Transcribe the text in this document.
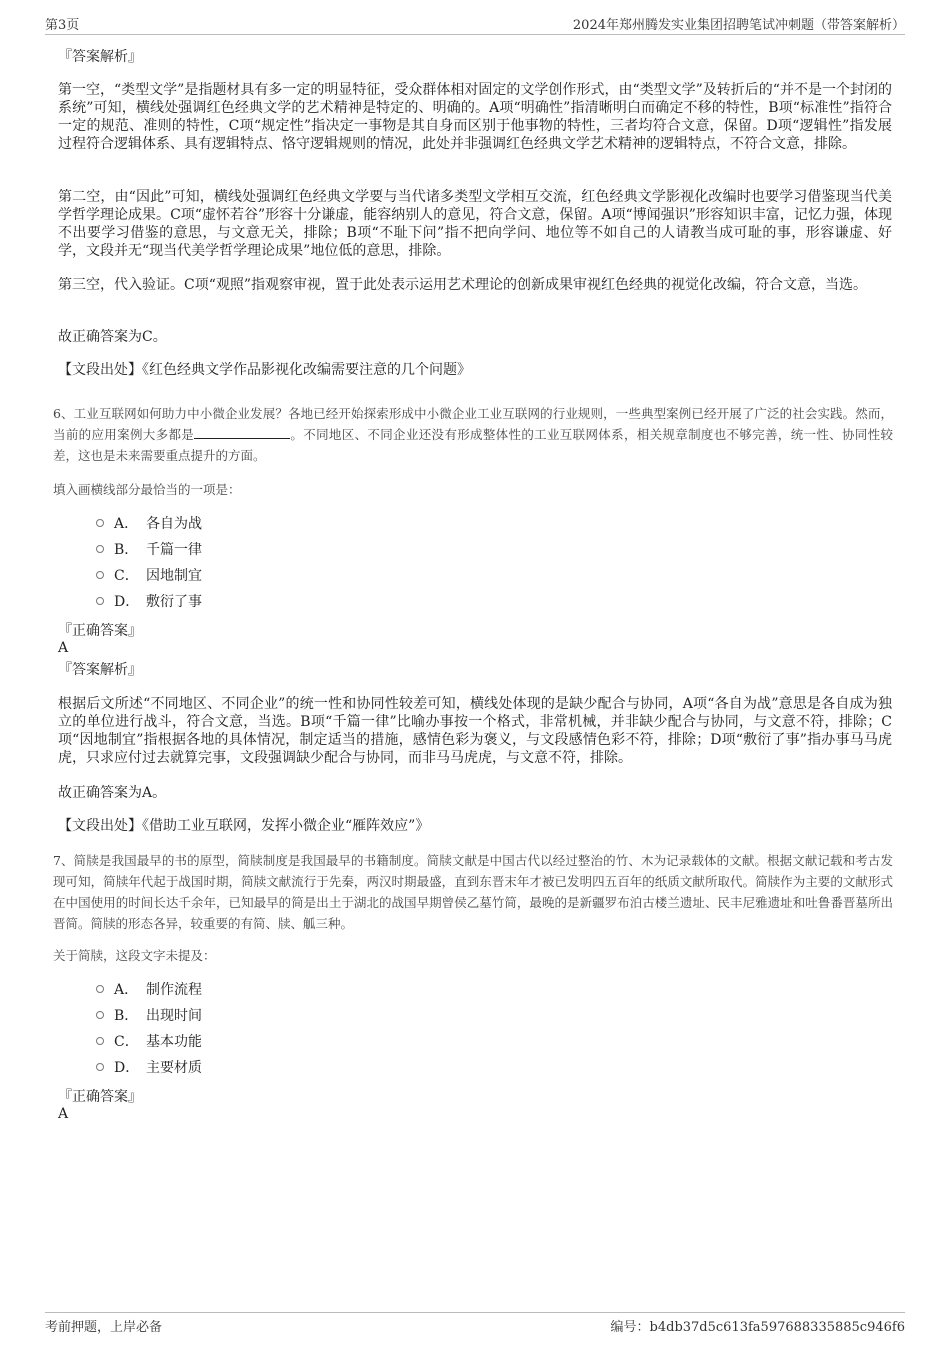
第3页	2024年郑州腾发实业集团招聘笔试冲刺题（带答案解析）
『答案解析』

第一空，“类型文学”是指题材具有多一定的明显特征，受众群体相对固定的文学创作形式，由“类型文学”及转折后的“并不是一个封闭的系统”可知，横线处强调红色经典文学的艺术精神是特定的、明确的。A项“明确性”指清晰明白而确定不移的特性，B项“标准性”指符合一定的规范、准则的特性，C项“规定性”指决定一事物是其自身而区别于他事物的特性，三者均符合文意，保留。D项“逻辑性”指发展过程符合逻辑体系、具有逻辑特点、恪守逻辑规则的情况，此处并非强调红色经典文学艺术精神的逻辑特点，不符合文意，排除。

第二空，由“因此”可知，横线处强调红色经典文学要与当代诸多类型文学相互交流，红色经典文学影视化改编时也要学习借鉴现当代美学哲学理论成果。C项“虚怀若谷”形容十分谦虚，能容纳别人的意见，符合文意，保留。A项“博闻强识”形容知识丰富，记忆力强，体现不出要学习借鉴的意思，与文意无关，排除；B项“不耻下问”指不把向学问、地位等不如自己的人请教当成可耻的事，形容谦虚、好学，文段并无“现当代美学哲学理论成果”地位低的意思，排除。

第三空，代入验证。C项“观照”指观察审视，置于此处表示运用艺术理论的创新成果审视红色经典的视觉化改编，符合文意，当选。

故正确答案为C。
【文段出处】《红色经典文学作品影视化改编需要注意的几个问题》

6、工业互联网如何助力中小微企业发展？各地已经开始探索形成中小微企业工业互联网的行业规则，一些典型案例已经开展了广泛的社会实践。然而，当前的应用案例大多都是	。不同地区、不同企业还没有形成整体性的工业互联网体系，相关规章制度也不够完善，统一性、协同性较差，这也是未来需要重点提升的方面。

填入画横线部分最恰当的一项是：
A． 各自为战
B． 千篇一律
C． 因地制宜
D． 敷衍了事
『正确答案』
A
『答案解析』

根据后文所述“不同地区、不同企业”的统一性和协同性较差可知，横线处体现的是缺少配合与协同，A项“各自为战”意思是各自成为独立的单位进行战斗，符合文意，当选。B项“千篇一律”比喻办事按一个格式，非常机械，并非缺少配合与协同，与文意不符，排除；C项“因地制宜”指根据各地的具体情况，制定适当的措施，感情色彩为褒义，与文段感情色彩不符，排除；D项“敷衍了事”指办事马马虎虎，只求应付过去就算完事，文段强调缺少配合与协同，而非马马虎虎，与文意不符，排除。

故正确答案为A。
【文段出处】《借助工业互联网，发挥小微企业“雁阵效应”》

7、简牍是我国最早的书的原型，简牍制度是我国最早的书籍制度。简牍文献是中国古代以经过整治的竹、木为记录载体的文献。根据文献记载和考古发现可知，简牍年代起于战国时期，简牍文献流行于先秦，两汉时期最盛，直到东晋末年才被已发明四五百年的纸质文献所取代。简牍作为主要的文献形式在中国使用的时间长达千余年，已知最早的简是出土于湖北的战国早期曾侯乙墓竹简，最晚的是新疆罗布泊古楼兰遗址、民丰尼雅遗址和吐鲁番晋墓所出晋简。简牍的形态各异，较重要的有简、牍、觚三种。

关于简牍，这段文字未提及：
A． 制作流程
B． 出现时间
C． 基本功能
D． 主要材质
『正确答案』
A
考前押题，上岸必备	编号：b4db37d5c613fa597688335885c946f6
